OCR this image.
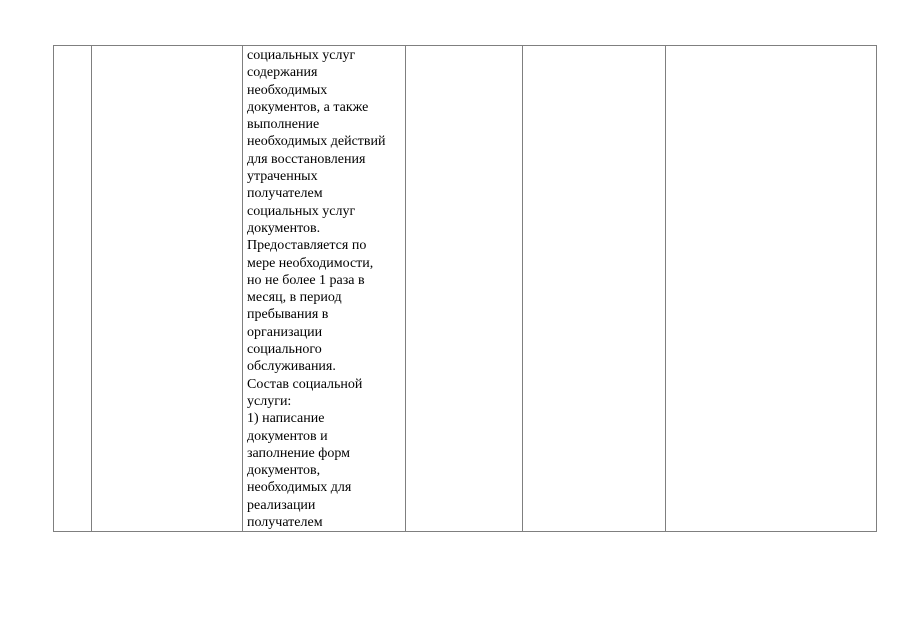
социальных услуг
содержания
необходимых
документов, а также
выполнение
необходимых действий
для восстановления
утраченных
получателем
социальных услуг
документов.
Предоставляется по
мере необходимости,
но не более 1 раза в
месяц, в период
пребывания в
организации
социального
обслуживания.
Состав социальной
услуги:
1) написание
документов и
заполнение форм
документов,
необходимых для
реализации
получателем
